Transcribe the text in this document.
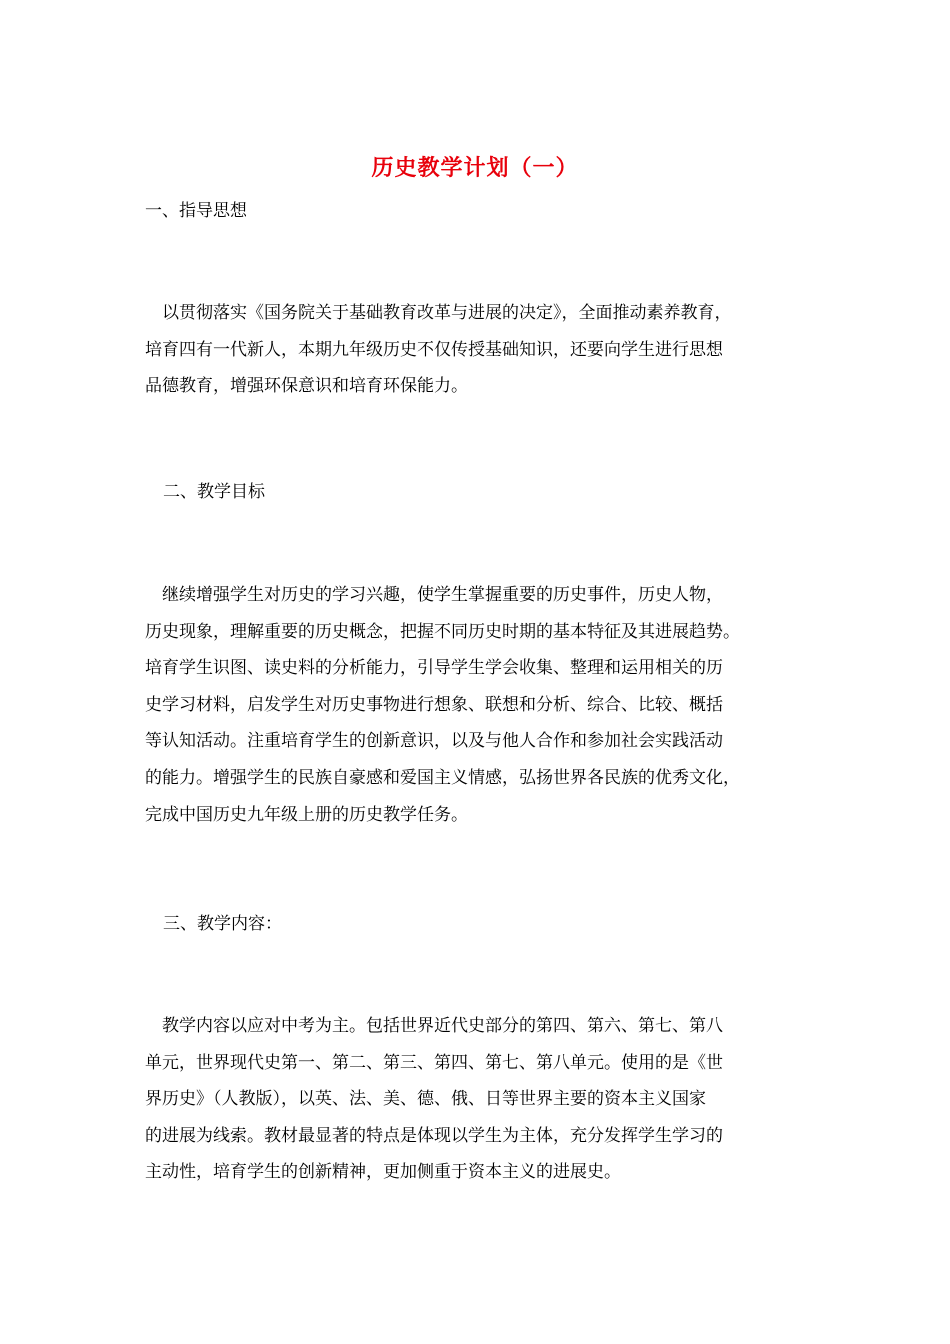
历史教学计划（一）

一、指导思想

　以贯彻落实《国务院关于基础教育改革与进展的决定》，全面推动素养教育，
培育四有一代新人，本期九年级历史不仅传授基础知识，还要向学生进行思想
品德教育，增强环保意识和培育环保能力。

二、教学目标

　继续增强学生对历史的学习兴趣，使学生掌握重要的历史事件，历史人物，
历史现象，理解重要的历史概念，把握不同历史时期的基本特征及其进展趋势。
培育学生识图、读史料的分析能力，引导学生学会收集、整理和运用相关的历
史学习材料，启发学生对历史事物进行想象、联想和分析、综合、比较、概括
等认知活动。注重培育学生的创新意识，以及与他人合作和参加社会实践活动
的能力。增强学生的民族自豪感和爱国主义情感，弘扬世界各民族的优秀文化，
完成中国历史九年级上册的历史教学任务。

三、教学内容：

　教学内容以应对中考为主。包括世界近代史部分的第四、第六、第七、第八
单元，世界现代史第一、第二、第三、第四、第七、第八单元。使用的是《世
界历史》（人教版），以英、法、美、德、俄、日等世界主要的资本主义国家
的进展为线索。教材最显著的特点是体现以学生为主体，充分发挥学生学习的
主动性，培育学生的创新精神，更加侧重于资本主义的进展史。
